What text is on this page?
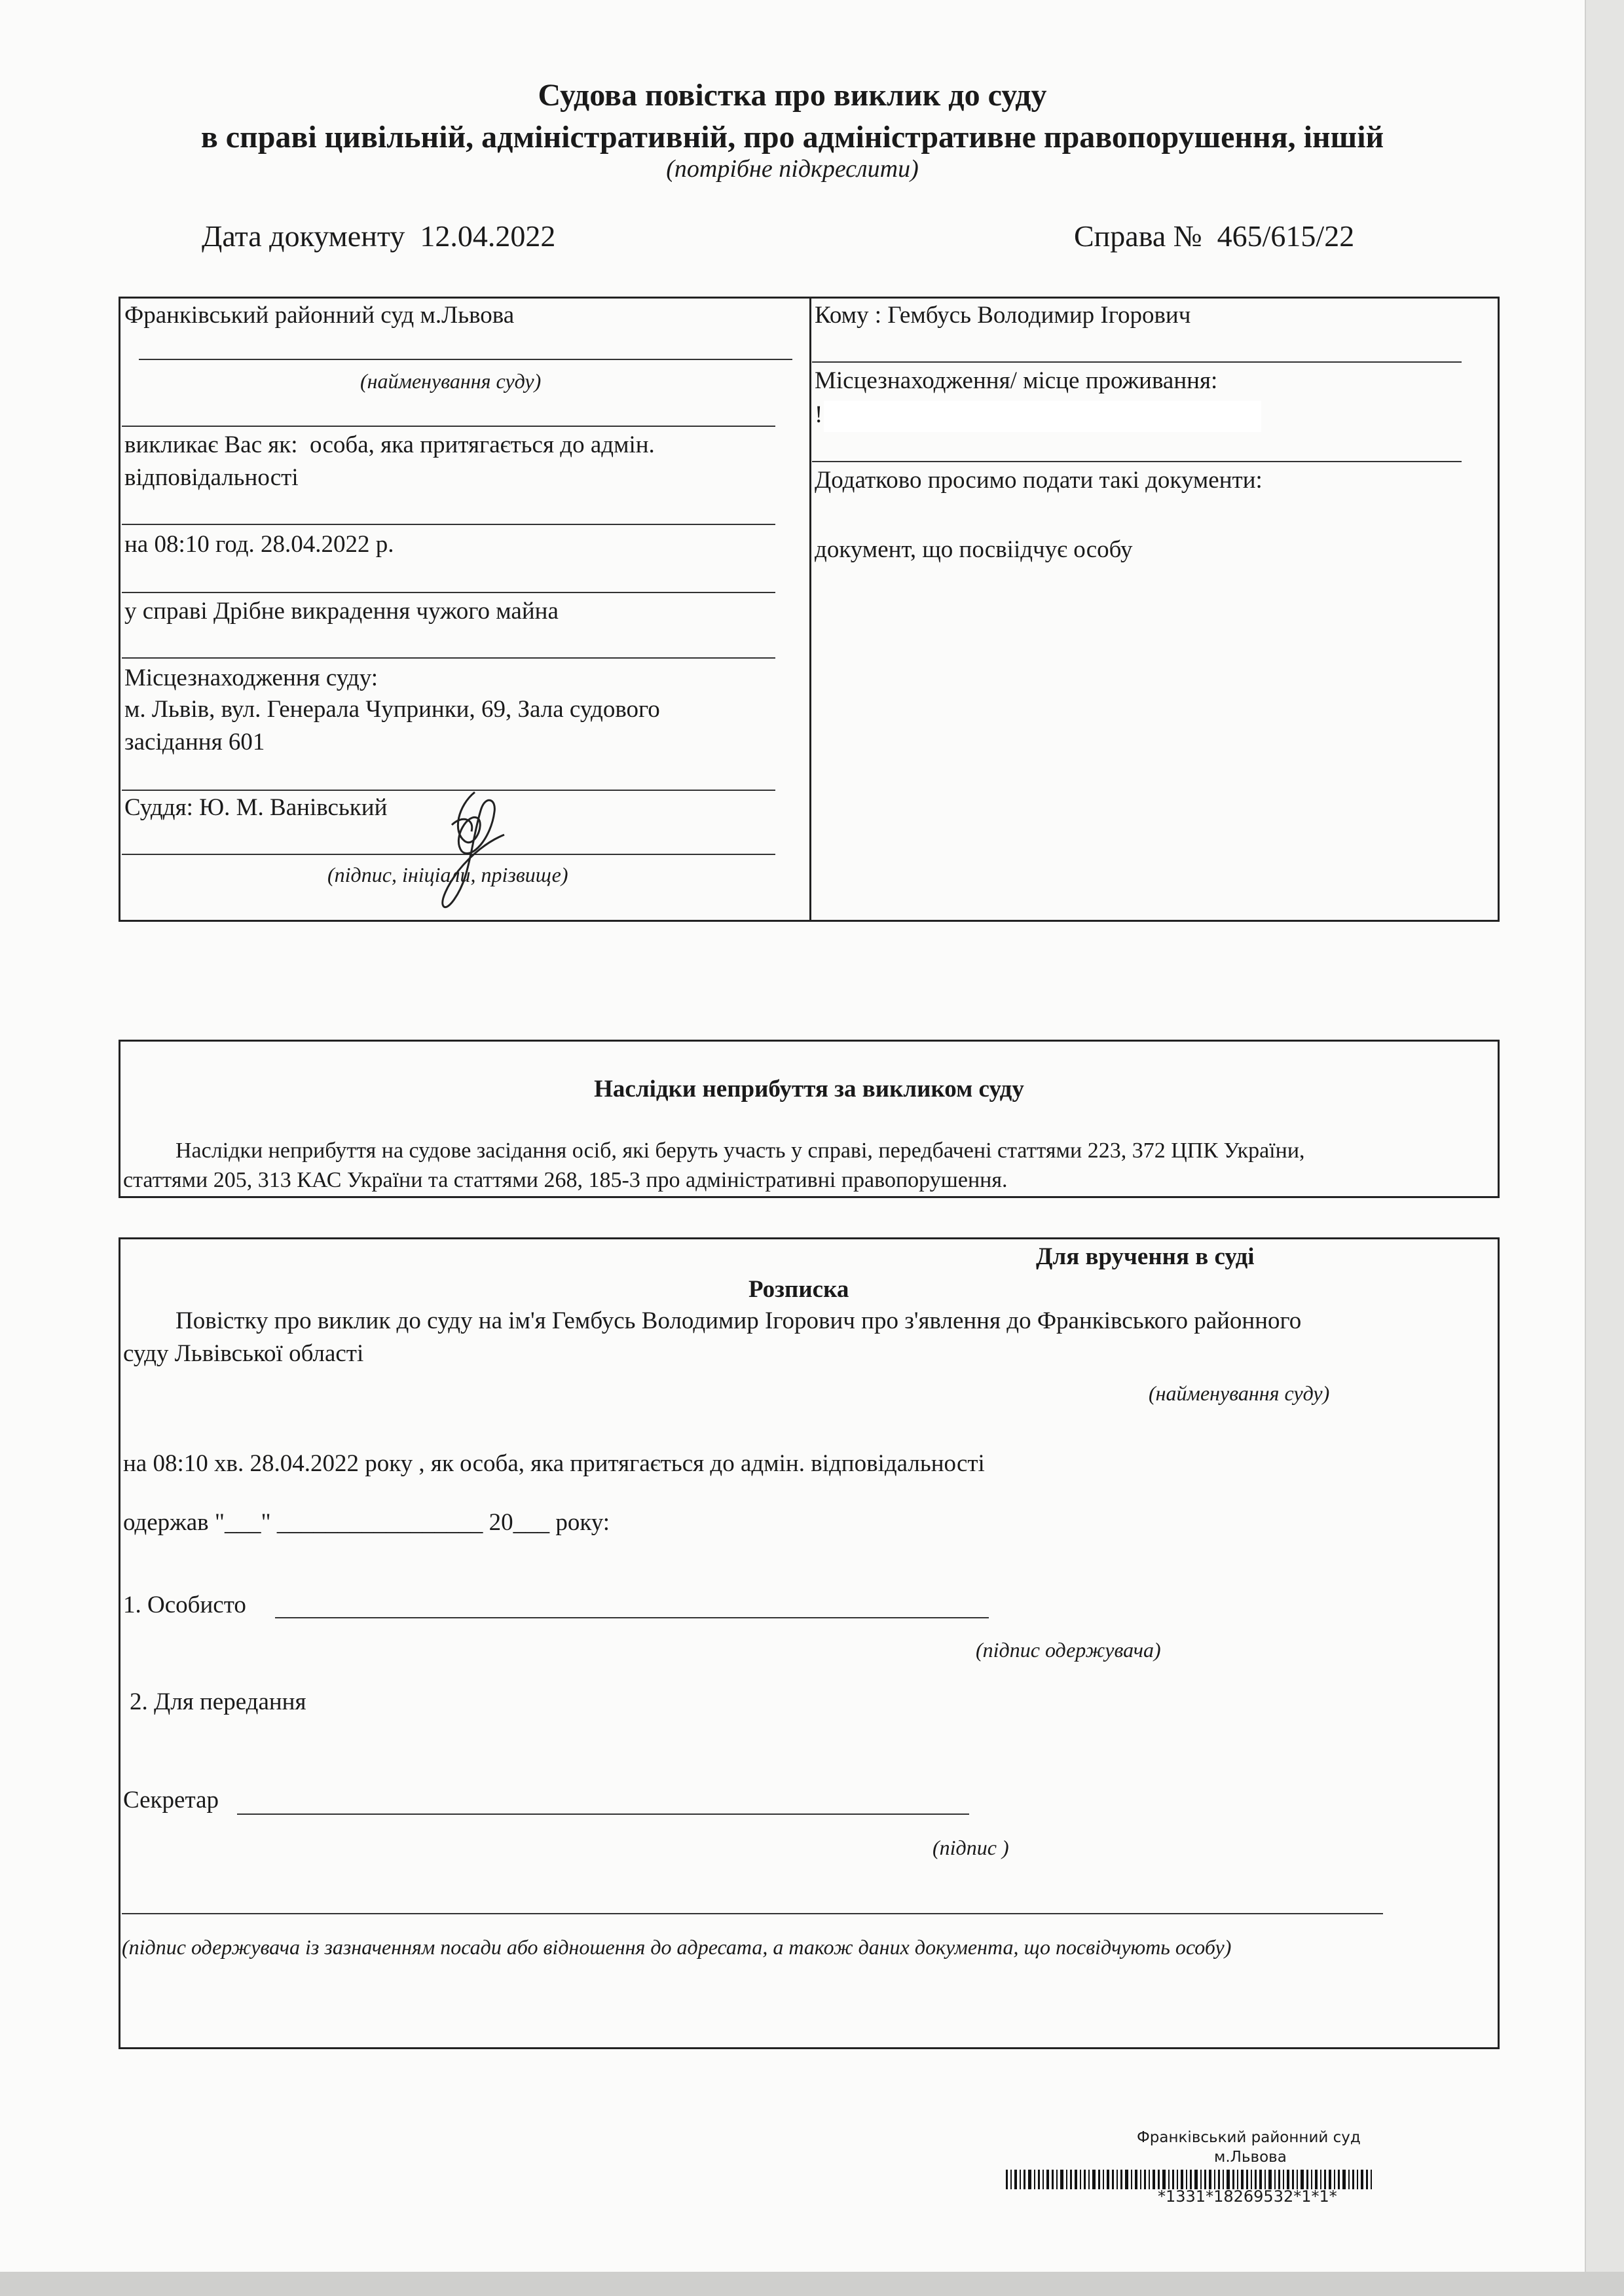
Судова повістка про виклик до суду
в справі цивільній, адміністративній, про адміністративне правопорушення, іншій
(потрібне підкреслити)
Дата документу 12.04.2022	Справа № 465/615/22
Франківський районний суд м.Львова
(найменування суду)
викликає Вас як: особа, яка притягається до адмін.
відповідальності
на 08:10 год. 28.04.2022 р.
у справі Дрібне викрадення чужого майна
Місцезнаходження суду:
м. Львів, вул. Генерала Чупринки, 69, Зала судового
засідання 601
Суддя: Ю. М. Ванівський
(підпис, ініціали, прізвище)
Кому : Гембусь Володимир Ігорович
Місцезнаходження/ місце проживання:
!
Додатково просимо подати такі документи:
документ, що посвіідчує особу
Наслідки неприбуття за викликом суду
Наслідки неприбуття на судове засідання осіб, які беруть участь у справі, передбачені статтями 223, 372 ЦПК України,
статтями 205, 313 КАС України та статтями 268, 185-3 про адміністративні правопорушення.
Для вручення в суді
Розписка
Повістку про виклик до суду на ім'я Гембусь Володимир Ігорович про з'явлення до Франківського районного
суду Львівської області
(найменування суду)
на 08:10 хв. 28.04.2022 року , як особа, яка притягається до адмін. відповідальності
одержав "___" _________________ 20___ року:
1. Особисто
(підпис одержувача)
2. Для передання
Секретар
(підпис )
(підпис одержувача із зазначенням посади або відношення до адресата, а також даних документа, що посвідчують особу)
Франківський районний суд
м.Львова
*1331*18269532*1*1*
